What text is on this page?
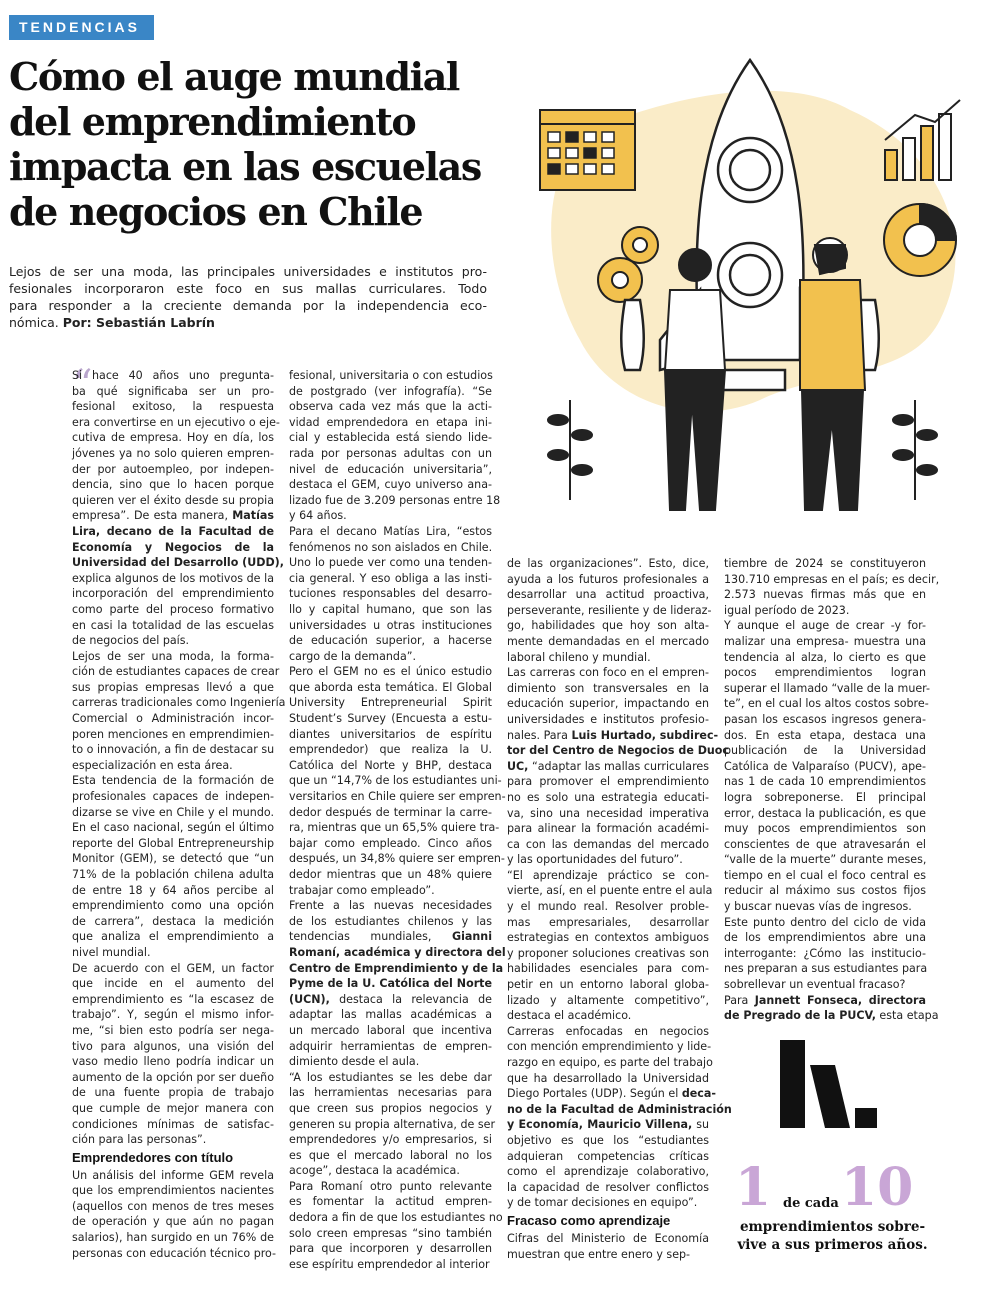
TENDENCIAS
Cómo el auge mundial
del emprendimiento
impacta en las escuelas
de negocios en Chile

Lejos de ser una moda, las principales universidades e institutos pro-
fesionales incorporaron este foco en sus mallas curriculares. Todo
para responder a la creciente demanda por la independencia eco-
nómica. Por: Sebastián Labrín

“
Si hace 40 años uno pregunta-
ba qué significaba ser un pro-
fesional exitoso, la respuesta
era convertirse en un ejecutivo o eje-
cutiva de empresa. Hoy en día, los
jóvenes ya no solo quieren empren-
der por autoempleo, por indepen-
dencia, sino que lo hacen porque
quieren ver el éxito desde su propia
empresa”. De esta manera, Matías
Lira, decano de la Facultad de
Economía y Negocios de la
Universidad del Desarrollo (UDD),
explica algunos de los motivos de la
incorporación del emprendimiento
como parte del proceso formativo
en casi la totalidad de las escuelas
de negocios del país.
Lejos de ser una moda, la forma-
ción de estudiantes capaces de crear
sus propias empresas llevó a que
carreras tradicionales como Ingeniería
Comercial o Administración incor-
poren menciones en emprendimien-
to o innovación, a fin de destacar su
especialización en esta área.
Esta tendencia de la formación de
profesionales capaces de indepen-
dizarse se vive en Chile y el mundo.
En el caso nacional, según el último
reporte del Global Entrepreneurship
Monitor (GEM), se detectó que “un
71% de la población chilena adulta
de entre 18 y 64 años percibe al
emprendimiento como una opción
de carrera”, destaca la medición
que analiza el emprendimiento a
nivel mundial.
De acuerdo con el GEM, un factor
que incide en el aumento del
emprendimiento es “la escasez de
trabajo”. Y, según el mismo infor-
me, “si bien esto podría ser nega-
tivo para algunos, una visión del
vaso medio lleno podría indicar un
aumento de la opción por ser dueño
de una fuente propia de trabajo
que cumple de mejor manera con
condiciones mínimas de satisfac-
ción para las personas”.
Emprendedores con título
Un análisis del informe GEM revela
que los emprendimientos nacientes
(aquellos con menos de tres meses
de operación y que aún no pagan
salarios), han surgido en un 76% de
personas con educación técnico pro-
fesional, universitaria o con estudios
de postgrado (ver infografía). “Se
observa cada vez más que la acti-
vidad emprendedora en etapa ini-
cial y establecida está siendo lide-
rada por personas adultas con un
nivel de educación universitaria”,
destaca el GEM, cuyo universo ana-
lizado fue de 3.209 personas entre 18
y 64 años.
Para el decano Matías Lira, “estos
fenómenos no son aislados en Chile.
Uno lo puede ver como una tenden-
cia general. Y eso obliga a las insti-
tuciones responsables del desarro-
llo y capital humano, que son las
universidades u otras instituciones
de educación superior, a hacerse
cargo de la demanda”.
Pero el GEM no es el único estudio
que aborda esta temática. El Global
University Entrepreneurial Spirit
Student’s Survey (Encuesta a estu-
diantes universitarios de espíritu
emprendedor) que realiza la U.
Católica del Norte y BHP, destaca
que un “14,7% de los estudiantes uni-
versitarios en Chile quiere ser empren-
dedor después de terminar la carre-
ra, mientras que un 65,5% quiere tra-
bajar como empleado. Cinco años
después, un 34,8% quiere ser empren-
dedor mientras que un 48% quiere
trabajar como empleado”.
Frente a las nuevas necesidades
de los estudiantes chilenos y las
tendencias mundiales, Gianni
Romaní, académica y directora del
Centro de Emprendimiento y de la
Pyme de la U. Católica del Norte
(UCN), destaca la relevancia de
adaptar las mallas académicas a
un mercado laboral que incentiva
adquirir herramientas de empren-
dimiento desde el aula.
“A los estudiantes se les debe dar
las herramientas necesarias para
que creen sus propios negocios y
generen su propia alternativa, de ser
emprendedores y/o empresarios, si
es que el mercado laboral no los
acoge”, destaca la académica.
Para Romaní otro punto relevante
es fomentar la actitud empren-
dedora a fin de que los estudiantes no
solo creen empresas “sino también
para que incorporen y desarrollen
ese espíritu emprendedor al interior
de las organizaciones”. Esto, dice,
ayuda a los futuros profesionales a
desarrollar una actitud proactiva,
perseverante, resiliente y de lideraz-
go, habilidades que hoy son alta-
mente demandadas en el mercado
laboral chileno y mundial.
Las carreras con foco en el empren-
dimiento son transversales en la
educación superior, impactando en
universidades e institutos profesio-
nales. Para Luis Hurtado, subdirec-
tor del Centro de Negocios de Duoc
UC, “adaptar las mallas curriculares
para promover el emprendimiento
no es solo una estrategia educati-
va, sino una necesidad imperativa
para alinear la formación académi-
ca con las demandas del mercado
y las oportunidades del futuro”.
“El aprendizaje práctico se con-
vierte, así, en el puente entre el aula
y el mundo real. Resolver proble-
mas empresariales, desarrollar
estrategias en contextos ambiguos
y proponer soluciones creativas son
habilidades esenciales para com-
petir en un entorno laboral globa-
lizado y altamente competitivo”,
destaca el académico.
Carreras enfocadas en negocios
con mención emprendimiento y lide-
razgo en equipo, es parte del trabajo
que ha desarrollado la Universidad
Diego Portales (UDP). Según el deca-
no de la Facultad de Administración
y Economía, Mauricio Villena, su
objetivo es que los “estudiantes
adquieran competencias críticas
como el aprendizaje colaborativo,
la capacidad de resolver conflictos
y de tomar decisiones en equipo”.
Fracaso como aprendizaje
Cifras del Ministerio de Economía
muestran que entre enero y sep-
tiembre de 2024 se constituyeron
130.710 empresas en el país; es decir,
2.573 nuevas firmas más que en
igual período de 2023.
Y aunque el auge de crear -y for-
malizar una empresa- muestra una
tendencia al alza, lo cierto es que
pocos emprendimientos logran
superar el llamado “valle de la muer-
te”, en el cual los altos costos sobre-
pasan los escasos ingresos genera-
dos. En esta etapa, destaca una
publicación de la Universidad
Católica de Valparaíso (PUCV), ape-
nas 1 de cada 10 emprendimientos
logra sobreponerse. El principal
error, destaca la publicación, es que
muy pocos emprendimientos son
conscientes de que atravesarán el
“valle de la muerte” durante meses,
tiempo en el cual el foco central es
reducir al máximo sus costos fijos
y buscar nuevas vías de ingresos.
Este punto dentro del ciclo de vida
de los emprendimientos abre una
interrogante: ¿Cómo las institucio-
nes preparan a sus estudiantes para
sobrellevar un eventual fracaso?
Para Jannett Fonseca, directora
de Pregrado de la PUCV, esta etapa
1 de cada 10
emprendimientos sobre-
vive a sus primeros años.
